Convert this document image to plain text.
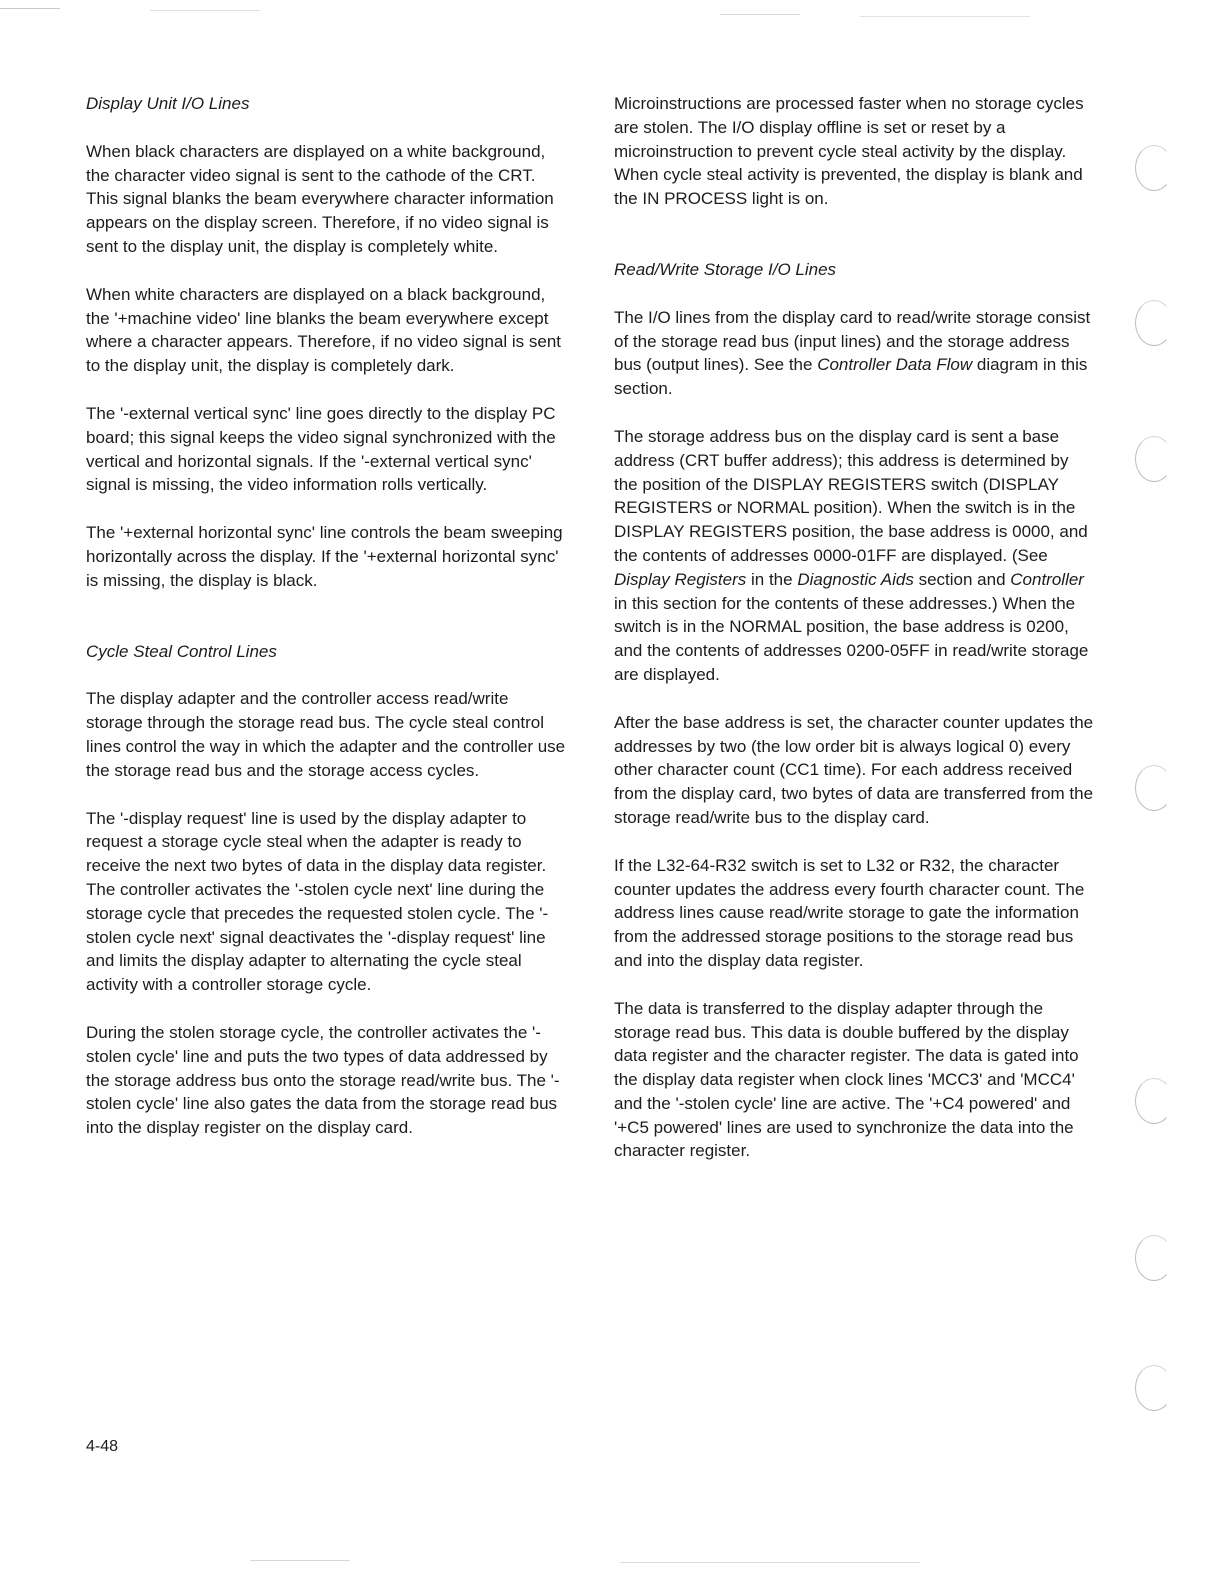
Display Unit I/O Lines

When black characters are displayed on a white background, the character video signal is sent to the cathode of the CRT. This signal blanks the beam everywhere character information appears on the display screen. Therefore, if no video signal is sent to the display unit, the display is completely white.

When white characters are displayed on a black background, the '+machine video' line blanks the beam everywhere except where a character appears. Therefore, if no video signal is sent to the display unit, the display is completely dark.

The '-external vertical sync' line goes directly to the display PC board; this signal keeps the video signal synchronized with the vertical and horizontal signals. If the '-external vertical sync' signal is missing, the video information rolls vertically.

The '+external horizontal sync' line controls the beam sweeping horizontally across the display. If the '+external horizontal sync' is missing, the display is black.

Cycle Steal Control Lines

The display adapter and the controller access read/write storage through the storage read bus. The cycle steal control lines control the way in which the adapter and the controller use the storage read bus and the storage access cycles.

The '-display request' line is used by the display adapter to request a storage cycle steal when the adapter is ready to receive the next two bytes of data in the display data register. The controller activates the '-stolen cycle next' line during the storage cycle that precedes the requested stolen cycle. The '-stolen cycle next' signal deactivates the '-display request' line and limits the display adapter to alternating the cycle steal activity with a controller storage cycle.

During the stolen storage cycle, the controller activates the '-stolen cycle' line and puts the two types of data addressed by the storage address bus onto the storage read/write bus. The '-stolen cycle' line also gates the data from the storage read bus into the display register on the display card.

Microinstructions are processed faster when no storage cycles are stolen. The I/O display offline is set or reset by a microinstruction to prevent cycle steal activity by the display. When cycle steal activity is prevented, the display is blank and the IN PROCESS light is on.

Read/Write Storage I/O Lines

The I/O lines from the display card to read/write storage consist of the storage read bus (input lines) and the storage address bus (output lines). See the Controller Data Flow diagram in this section.

The storage address bus on the display card is sent a base address (CRT buffer address); this address is determined by the position of the DISPLAY REGISTERS switch (DISPLAY REGISTERS or NORMAL position). When the switch is in the DISPLAY REGISTERS position, the base address is 0000, and the contents of addresses 0000-01FF are displayed. (See Display Registers in the Diagnostic Aids section and Controller in this section for the contents of these addresses.) When the switch is in the NORMAL position, the base address is 0200, and the contents of addresses 0200-05FF in read/write storage are displayed.

After the base address is set, the character counter updates the addresses by two (the low order bit is always logical 0) every other character count (CC1 time). For each address received from the display card, two bytes of data are transferred from the storage read/write bus to the display card.

If the L32-64-R32 switch is set to L32 or R32, the character counter updates the address every fourth character count. The address lines cause read/write storage to gate the information from the addressed storage positions to the storage read bus and into the display data register.

The data is transferred to the display adapter through the storage read bus. This data is double buffered by the display data register and the character register. The data is gated into the display data register when clock lines 'MCC3' and 'MCC4' and the '-stolen cycle' line are active. The '+C4 powered' and '+C5 powered' lines are used to synchronize the data into the character register.

4-48
